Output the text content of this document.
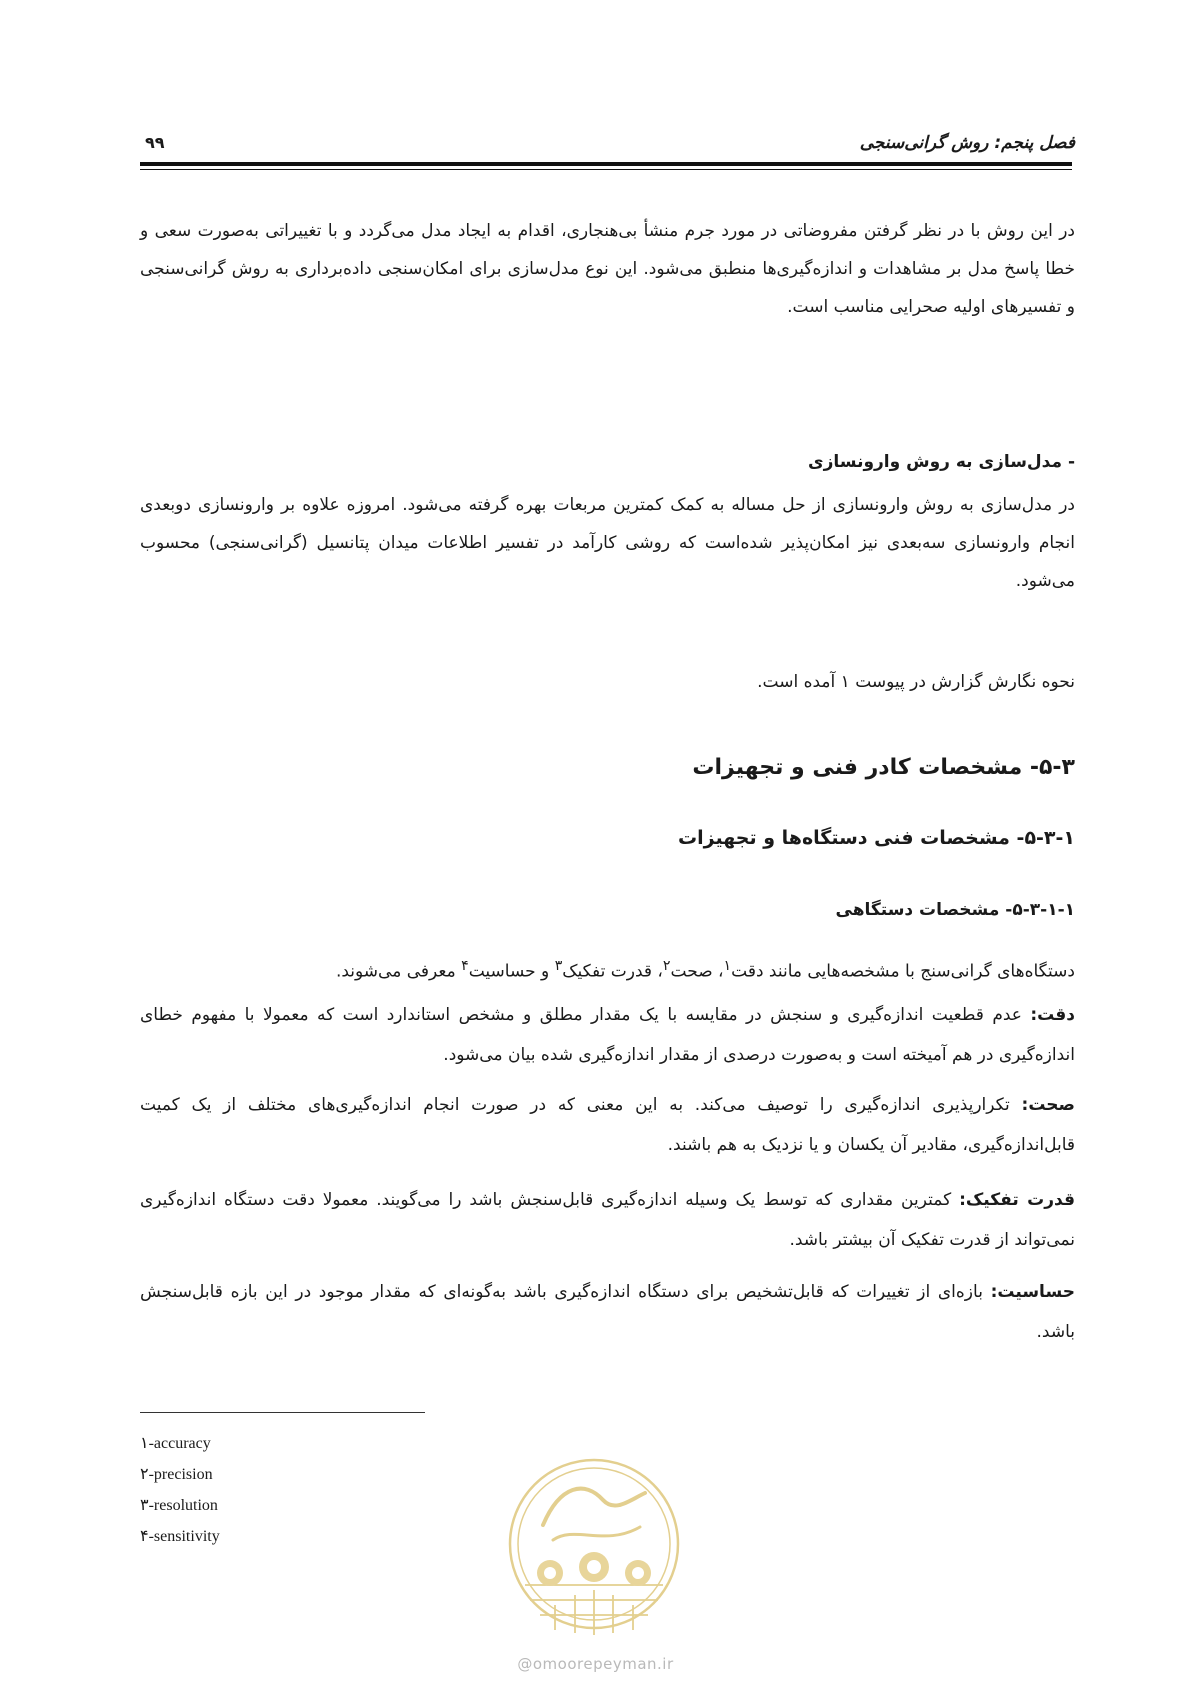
فصل پنجم: روش گرانی‌سنجی
۹۹
در این روش با در نظر گرفتن مفروضاتی در مورد جرم منشأ بی‌هنجاری، اقدام به ایجاد مدل می‌گردد و با تغییراتی به‌صورت سعی و خطا پاسخ مدل بر مشاهدات و اندازه‌گیری‌ها منطبق می‌شود. این نوع مدل‌سازی برای امکان‌سنجی داده‌برداری به روش گرانی‌سنجی و تفسیرهای اولیه صحرایی مناسب است.
- مدل‌سازی به روش وارونسازی
در مدل‌سازی به روش وارونسازی از حل مساله به کمک کمترین مربعات بهره گرفته می‌شود. امروزه علاوه بر وارونسازی دوبعدی انجام وارونسازی سه‌بعدی نیز امکان‌پذیر شده‌است که روشی کارآمد در تفسیر اطلاعات میدان پتانسیل (گرانی‌سنجی) محسوب می‌شود.
نحوه نگارش گزارش در پیوست ۱ آمده است.
۵-۳- مشخصات کادر فنی و تجهیزات
۵-۳-۱- مشخصات فنی دستگاه‌ها و تجهیزات
۵-۳-۱-۱- مشخصات دستگاهی
دستگاه‌های گرانی‌سنج با مشخصه‌هایی مانند دقت$^۱$، صحت$^۲$، قدرت تفکیک$^۳$ و حساسیت$^۴$ معرفی می‌شوند.
دقت: عدم قطعیت اندازه‌گیری و سنجش در مقایسه با یک مقدار مطلق و مشخص استاندارد است که معمولا با مفهوم خطای اندازه‌گیری در هم آمیخته است و به‌صورت درصدی از مقدار اندازه‌گیری شده بیان می‌شود.
صحت: تکرارپذیری اندازه‌گیری را توصیف می‌کند. به این معنی که در صورت انجام اندازه‌گیری‌های مختلف از یک کمیت قابل‌اندازه‌گیری، مقادیر آن یکسان و یا نزدیک به هم باشند.
قدرت تفکیک: کمترین مقداری که توسط یک وسیله اندازه‌گیری قابل‌سنجش باشد را می‌گویند. معمولا دقت دستگاه اندازه‌گیری نمی‌تواند از قدرت تفکیک آن بیشتر باشد.
حساسیت: بازه‌ای از تغییرات که قابل‌تشخیص برای دستگاه اندازه‌گیری باشد به‌گونه‌ای که مقدار موجود در این بازه قابل‌سنجش باشد.
۱-accuracy
۲-precision
۳-resolution
۴-sensitivity
@omoorepeyman.ir
